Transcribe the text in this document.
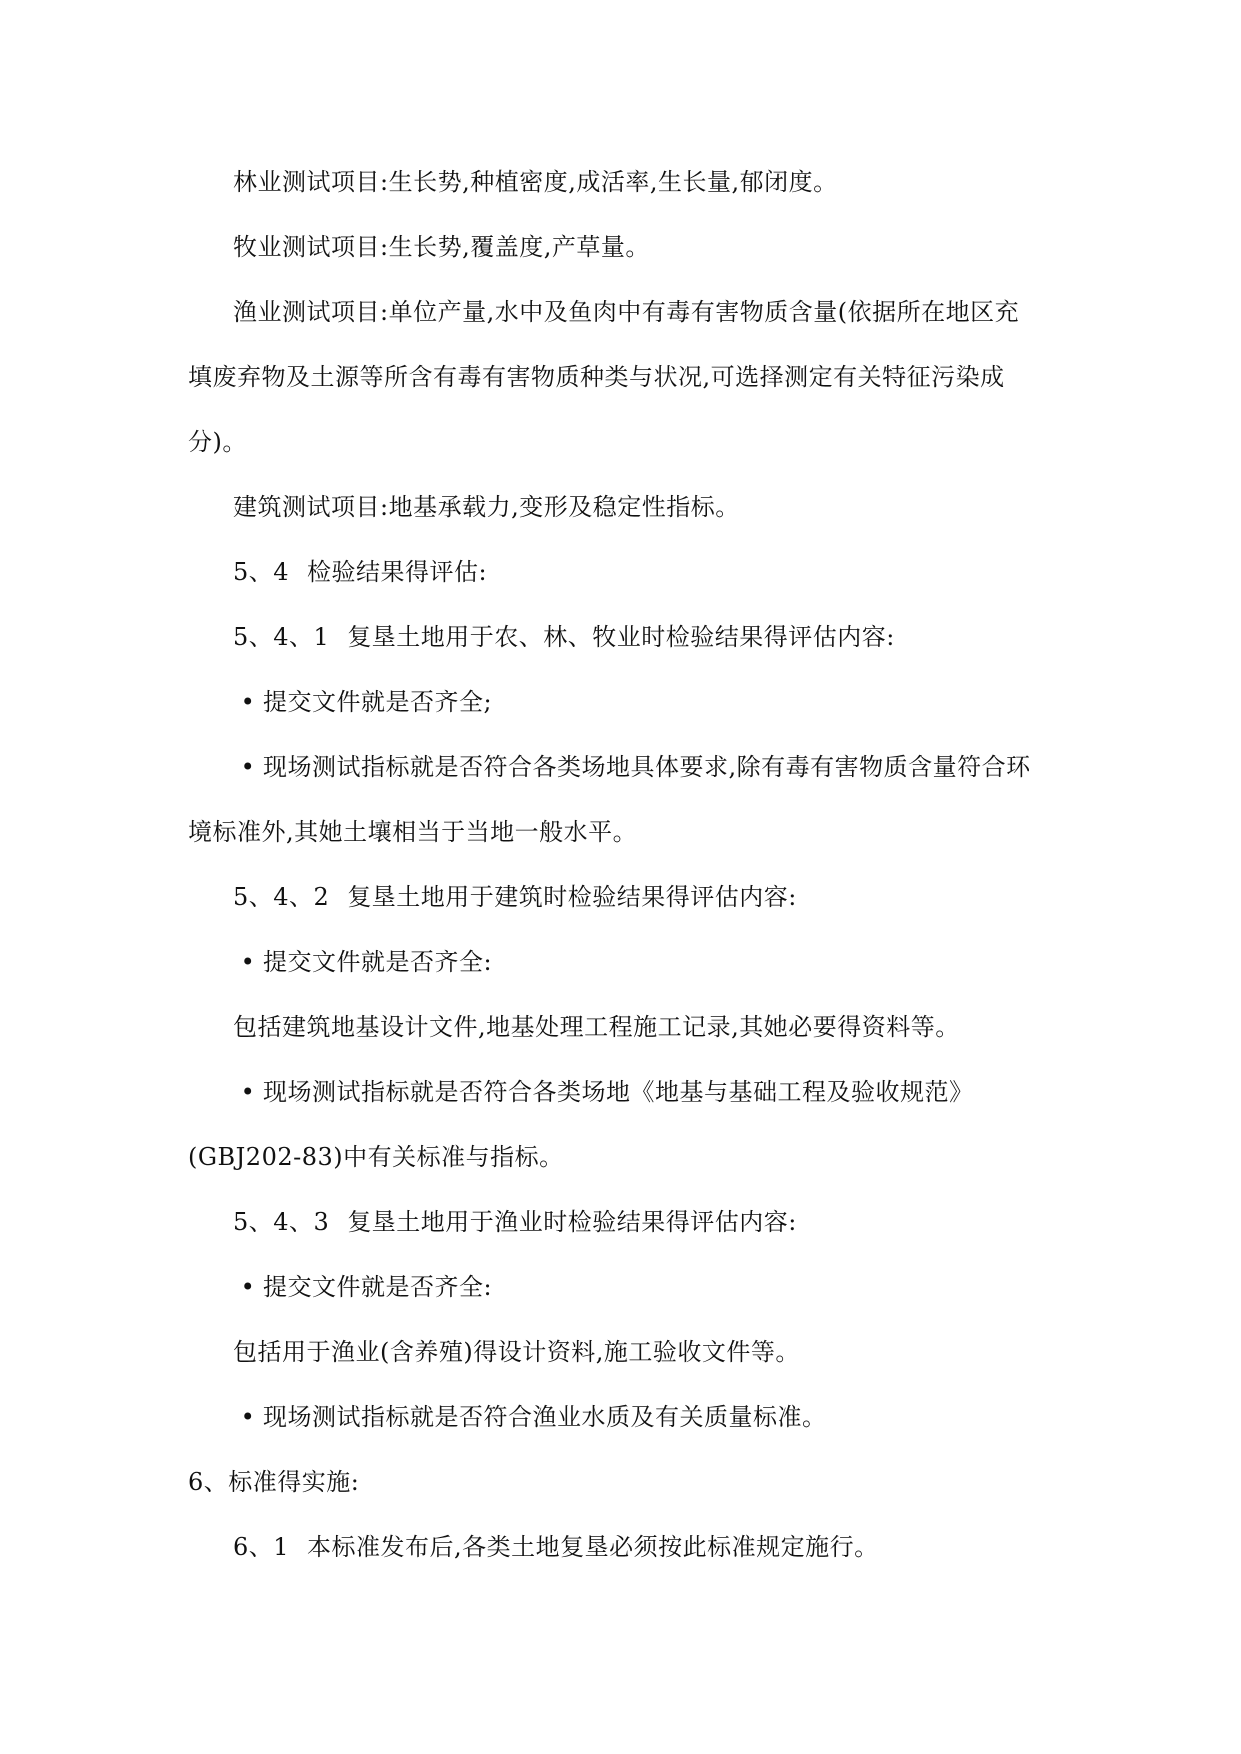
林业测试项目:生长势,种植密度,成活率,生长量,郁闭度。
牧业测试项目:生长势,覆盖度,产草量。
渔业测试项目:单位产量,水中及鱼肉中有毒有害物质含量(依据所在地区充
填废弃物及土源等所含有毒有害物质种类与状况,可选择测定有关特征污染成
分)。
建筑测试项目:地基承载力,变形及稳定性指标。
5、4 检验结果得评估:
5、4、1 复垦土地用于农、林、牧业时检验结果得评估内容:
• 提交文件就是否齐全;
• 现场测试指标就是否符合各类场地具体要求,除有毒有害物质含量符合环
境标准外,其她土壤相当于当地一般水平。
5、4、2 复垦土地用于建筑时检验结果得评估内容:
• 提交文件就是否齐全:
包括建筑地基设计文件,地基处理工程施工记录,其她必要得资料等。
• 现场测试指标就是否符合各类场地《地基与基础工程及验收规范》
(GBJ202-83)中有关标准与指标。
5、4、3 复垦土地用于渔业时检验结果得评估内容:
• 提交文件就是否齐全:
包括用于渔业(含养殖)得设计资料,施工验收文件等。
• 现场测试指标就是否符合渔业水质及有关质量标准。
6、标准得实施:
6、1 本标准发布后,各类土地复垦必须按此标准规定施行。
